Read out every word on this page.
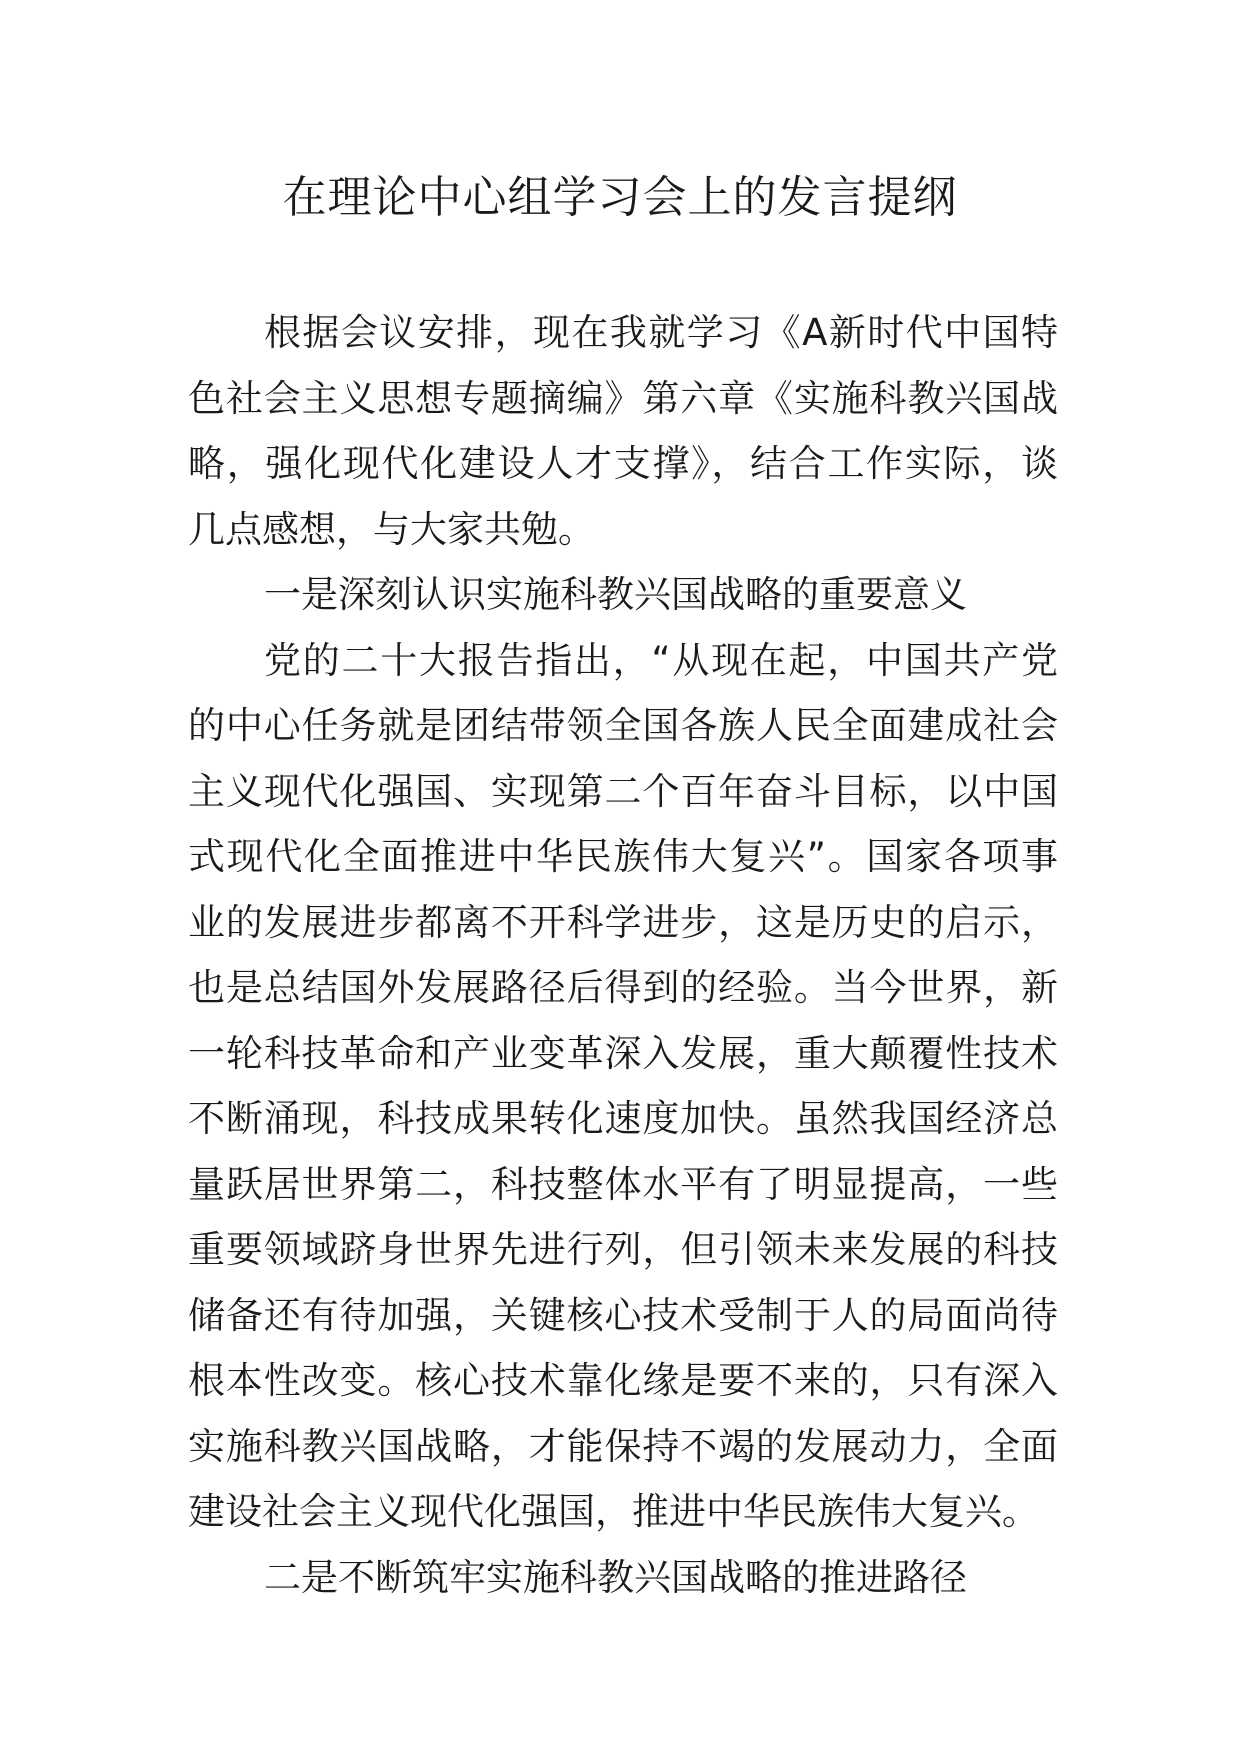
在理论中心组学习会上的发言提纲
根据会议安排，现在我就学习《A新时代中国特
色社会主义思想专题摘编》第六章《实施科教兴国战
略，强化现代化建设人才支撑》，结合工作实际，谈
几点感想，与大家共勉。
一是深刻认识实施科教兴国战略的重要意义
党的二十大报告指出，“从现在起，中国共产党
的中心任务就是团结带领全国各族人民全面建成社会
主义现代化强国、实现第二个百年奋斗目标，以中国
式现代化全面推进中华民族伟大复兴”。国家各项事
业的发展进步都离不开科学进步，这是历史的启示，
也是总结国外发展路径后得到的经验。当今世界，新
一轮科技革命和产业变革深入发展，重大颠覆性技术
不断涌现，科技成果转化速度加快。虽然我国经济总
量跃居世界第二，科技整体水平有了明显提高，一些
重要领域跻身世界先进行列，但引领未来发展的科技
储备还有待加强，关键核心技术受制于人的局面尚待
根本性改变。核心技术靠化缘是要不来的，只有深入
实施科教兴国战略，才能保持不竭的发展动力，全面
建设社会主义现代化强国，推进中华民族伟大复兴。
二是不断筑牢实施科教兴国战略的推进路径
